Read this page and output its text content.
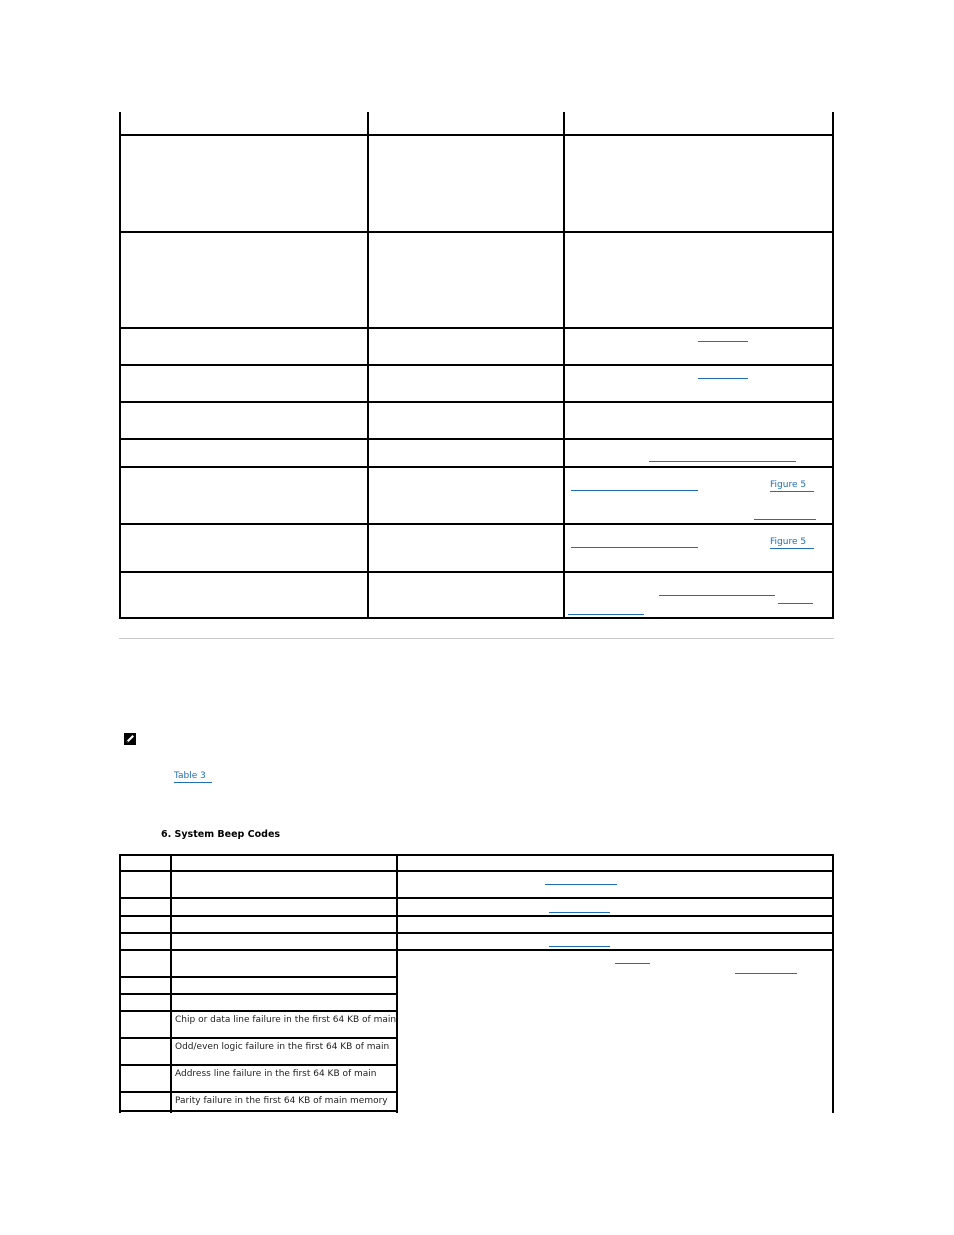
Figure 5
Figure 5
Table 3
6. System Beep Codes
Chip or data line failure in the first 64 KB of main
Odd/even logic failure in the first 64 KB of main
Address line failure in the first 64 KB of main
Parity failure in the first 64 KB of main memory
